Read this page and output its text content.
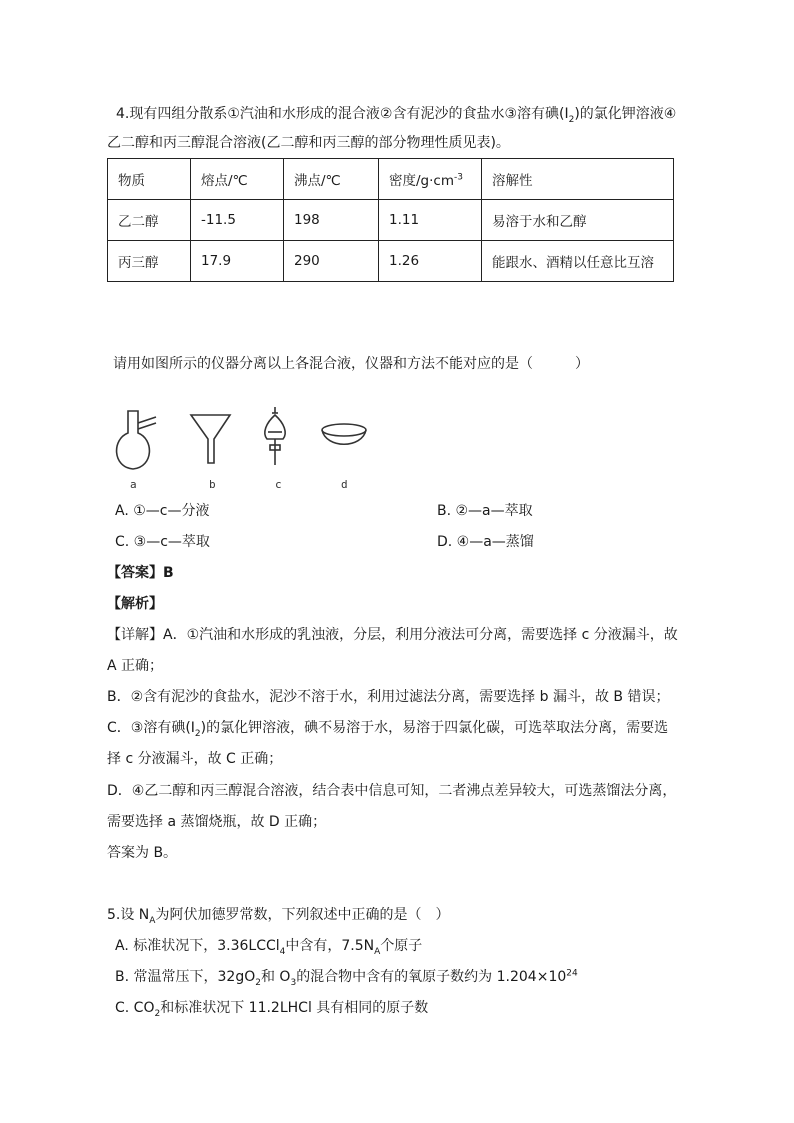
4.现有四组分散系①汽油和水形成的混合液②含有泥沙的食盐水③溶有碘$(I_2)$的氯化钾溶液④
乙二醇和丙三醇混合溶液(乙二醇和丙三醇的部分物理性质见表)。
物质	熔点/℃	沸点/℃	密度$/g\cdot cm^{-3}$	溶解性
乙二醇	-11.5	198	1.11	易溶于水和乙醇
丙三醇	17.9	290	1.26	能跟水、酒精以任意比互溶
请用如图所示的仪器分离以上各混合液，仪器和方法不能对应的是（　　　）
a	b	c	d
A. ①—c—分液	B. ②—a—萃取
C. ③—c—萃取	D. ④—a—蒸馏
【答案】B
【解析】
【详解】A．①汽油和水形成的乳浊液，分层，利用分液法可分离，需要选择 c 分液漏斗，故
A 正确；
B．②含有泥沙的食盐水，泥沙不溶于水，利用过滤法分离，需要选择 b 漏斗，故 B 错误；
C．③溶有碘$(I_2)$的氯化钾溶液，碘不易溶于水，易溶于四氯化碳，可选萃取法分离，需要选
择 c 分液漏斗，故 C 正确；
D．④乙二醇和丙三醇混合溶液，结合表中信息可知，二者沸点差异较大，可选蒸馏法分离，
需要选择 a 蒸馏烧瓶，故 D 正确；
答案为 B。
5.设 $N_A$为阿伏加德罗常数，下列叙述中正确的是（　）
A. 标准状况下，3.36LCCl$_4$中含有，$7.5N_A$个原子
B. 常温常压下，$32gO_2$和 $O_3$的混合物中含有的氧原子数约为 $1.204\times 10^{24}$
C. $CO_2$和标准状况下 11.2LHCl 具有相同的原子数
